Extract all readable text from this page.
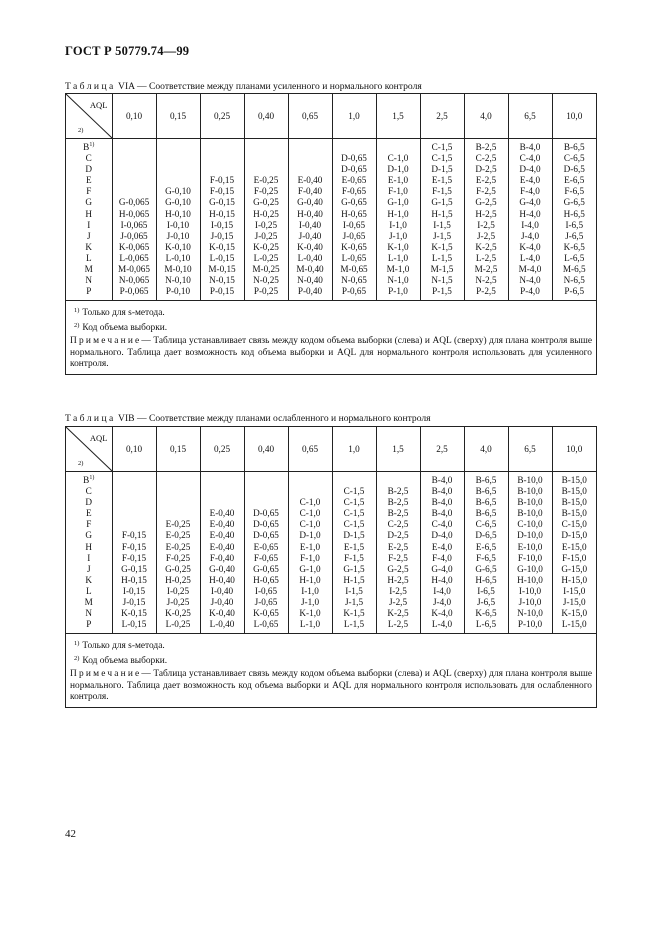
ГОСТ Р 50779.74—99
Таблица VIA — Соответствие между планами усиленного и нормального контроля
AQL
2)	0,10	0,15	0,25	0,40	0,65	1,0	1,5	2,5	4,0	6,5	10,0
$B^{1)}$								C-1,5	B-2,5	B-4,0	B-6,5
C						D-0,65	C-1,0	C-1,5	C-2,5	C-4,0	C-6,5
D						D-0,65	D-1,0	D-1,5	D-2,5	D-4,0	D-6,5
E			F-0,15	E-0,25	E-0,40	E-0,65	E-1,0	E-1,5	E-2,5	E-4,0	E-6,5
F		G-0,10	F-0,15	F-0,25	F-0,40	F-0,65	F-1,0	F-1,5	F-2,5	F-4,0	F-6,5
G	G-0,065	G-0,10	G-0,15	G-0,25	G-0,40	G-0,65	G-1,0	G-1,5	G-2,5	G-4,0	G-6,5
H	H-0,065	H-0,10	H-0,15	H-0,25	H-0,40	H-0,65	H-1,0	H-1,5	H-2,5	H-4,0	H-6,5
I	I-0,065	I-0,10	I-0,15	I-0,25	I-0,40	I-0,65	I-1,0	I-1,5	I-2,5	I-4,0	I-6,5
J	J-0,065	J-0,10	J-0,15	J-0,25	J-0,40	J-0,65	J-1,0	J-1,5	J-2,5	J-4,0	J-6,5
K	K-0,065	K-0,10	K-0,15	K-0,25	K-0,40	K-0,65	K-1,0	K-1,5	K-2,5	K-4,0	K-6,5
L	L-0,065	L-0,10	L-0,15	L-0,25	L-0,40	L-0,65	L-1,0	L-1,5	L-2,5	L-4,0	L-6,5
M	M-0,065	M-0,10	M-0,15	M-0,25	M-0,40	M-0,65	M-1,0	M-1,5	M-2,5	M-4,0	M-6,5
N	N-0,065	N-0,10	N-0,15	N-0,25	N-0,40	N-0,65	N-1,0	N-1,5	N-2,5	N-4,0	N-6,5
P	P-0,065	P-0,10	P-0,15	P-0,25	P-0,40	P-0,65	P-1,0	P-1,5	P-2,5	P-4,0	P-6,5
$^{1)}$ Только для s-метода.
$^{2)}$ Код объема выборки.
Примечание— Таблица устанавливает связь между кодом объема выборки (слева) и AQL (сверху) для плана контроля выше нормального. Таблица дает возможность код объема выборки и AQL для нормального контроля использовать для усиленного контроля.
Таблица VIB — Соответствие между планами ослабленного и нормального контроля
AQL
2)	0,10	0,15	0,25	0,40	0,65	1,0	1,5	2,5	4,0	6,5	10,0
$B^{1)}$								B-4,0	B-6,5	B-10,0	B-15,0
C						C-1,5	B-2,5	B-4,0	B-6,5	B-10,0	B-15,0
D					C-1,0	C-1,5	B-2,5	B-4,0	B-6,5	B-10,0	B-15,0
E			E-0,40	D-0,65	C-1,0	C-1,5	B-2,5	B-4,0	B-6,5	B-10,0	B-15,0
F		E-0,25	E-0,40	D-0,65	C-1,0	C-1,5	C-2,5	C-4,0	C-6,5	C-10,0	C-15,0
G	F-0,15	E-0,25	E-0,40	D-0,65	D-1,0	D-1,5	D-2,5	D-4,0	D-6,5	D-10,0	D-15,0
H	F-0,15	E-0,25	E-0,40	E-0,65	E-1,0	E-1,5	E-2,5	E-4,0	E-6,5	E-10,0	E-15,0
I	F-0,15	F-0,25	F-0,40	F-0,65	F-1,0	F-1,5	F-2,5	F-4,0	F-6,5	F-10,0	F-15,0
J	G-0,15	G-0,25	G-0,40	G-0,65	G-1,0	G-1,5	G-2,5	G-4,0	G-6,5	G-10,0	G-15,0
K	H-0,15	H-0,25	H-0,40	H-0,65	H-1,0	H-1,5	H-2,5	H-4,0	H-6,5	H-10,0	H-15,0
L	I-0,15	I-0,25	I-0,40	I-0,65	I-1,0	I-1,5	I-2,5	I-4,0	I-6,5	I-10,0	I-15,0
M	J-0,15	J-0,25	J-0,40	J-0,65	J-1,0	J-1,5	J-2,5	J-4,0	J-6,5	J-10,0	J-15,0
N	K-0,15	K-0,25	K-0,40	K-0,65	K-1,0	K-1,5	K-2,5	K-4,0	K-6,5	N-10,0	K-15,0
P	L-0,15	L-0,25	L-0,40	L-0,65	L-1,0	L-1,5	L-2,5	L-4,0	L-6,5	P-10,0	L-15,0
$^{1)}$ Только для s-метода.
$^{2)}$ Код объема выборки.
Примечание— Таблица устанавливает связь между кодом объема выборки (слева) и AQL (сверху) для плана контроля выше нормального. Таблица дает возможность код объема выборки и AQL для нормального контроля использовать для ослабленного контроля.
42
